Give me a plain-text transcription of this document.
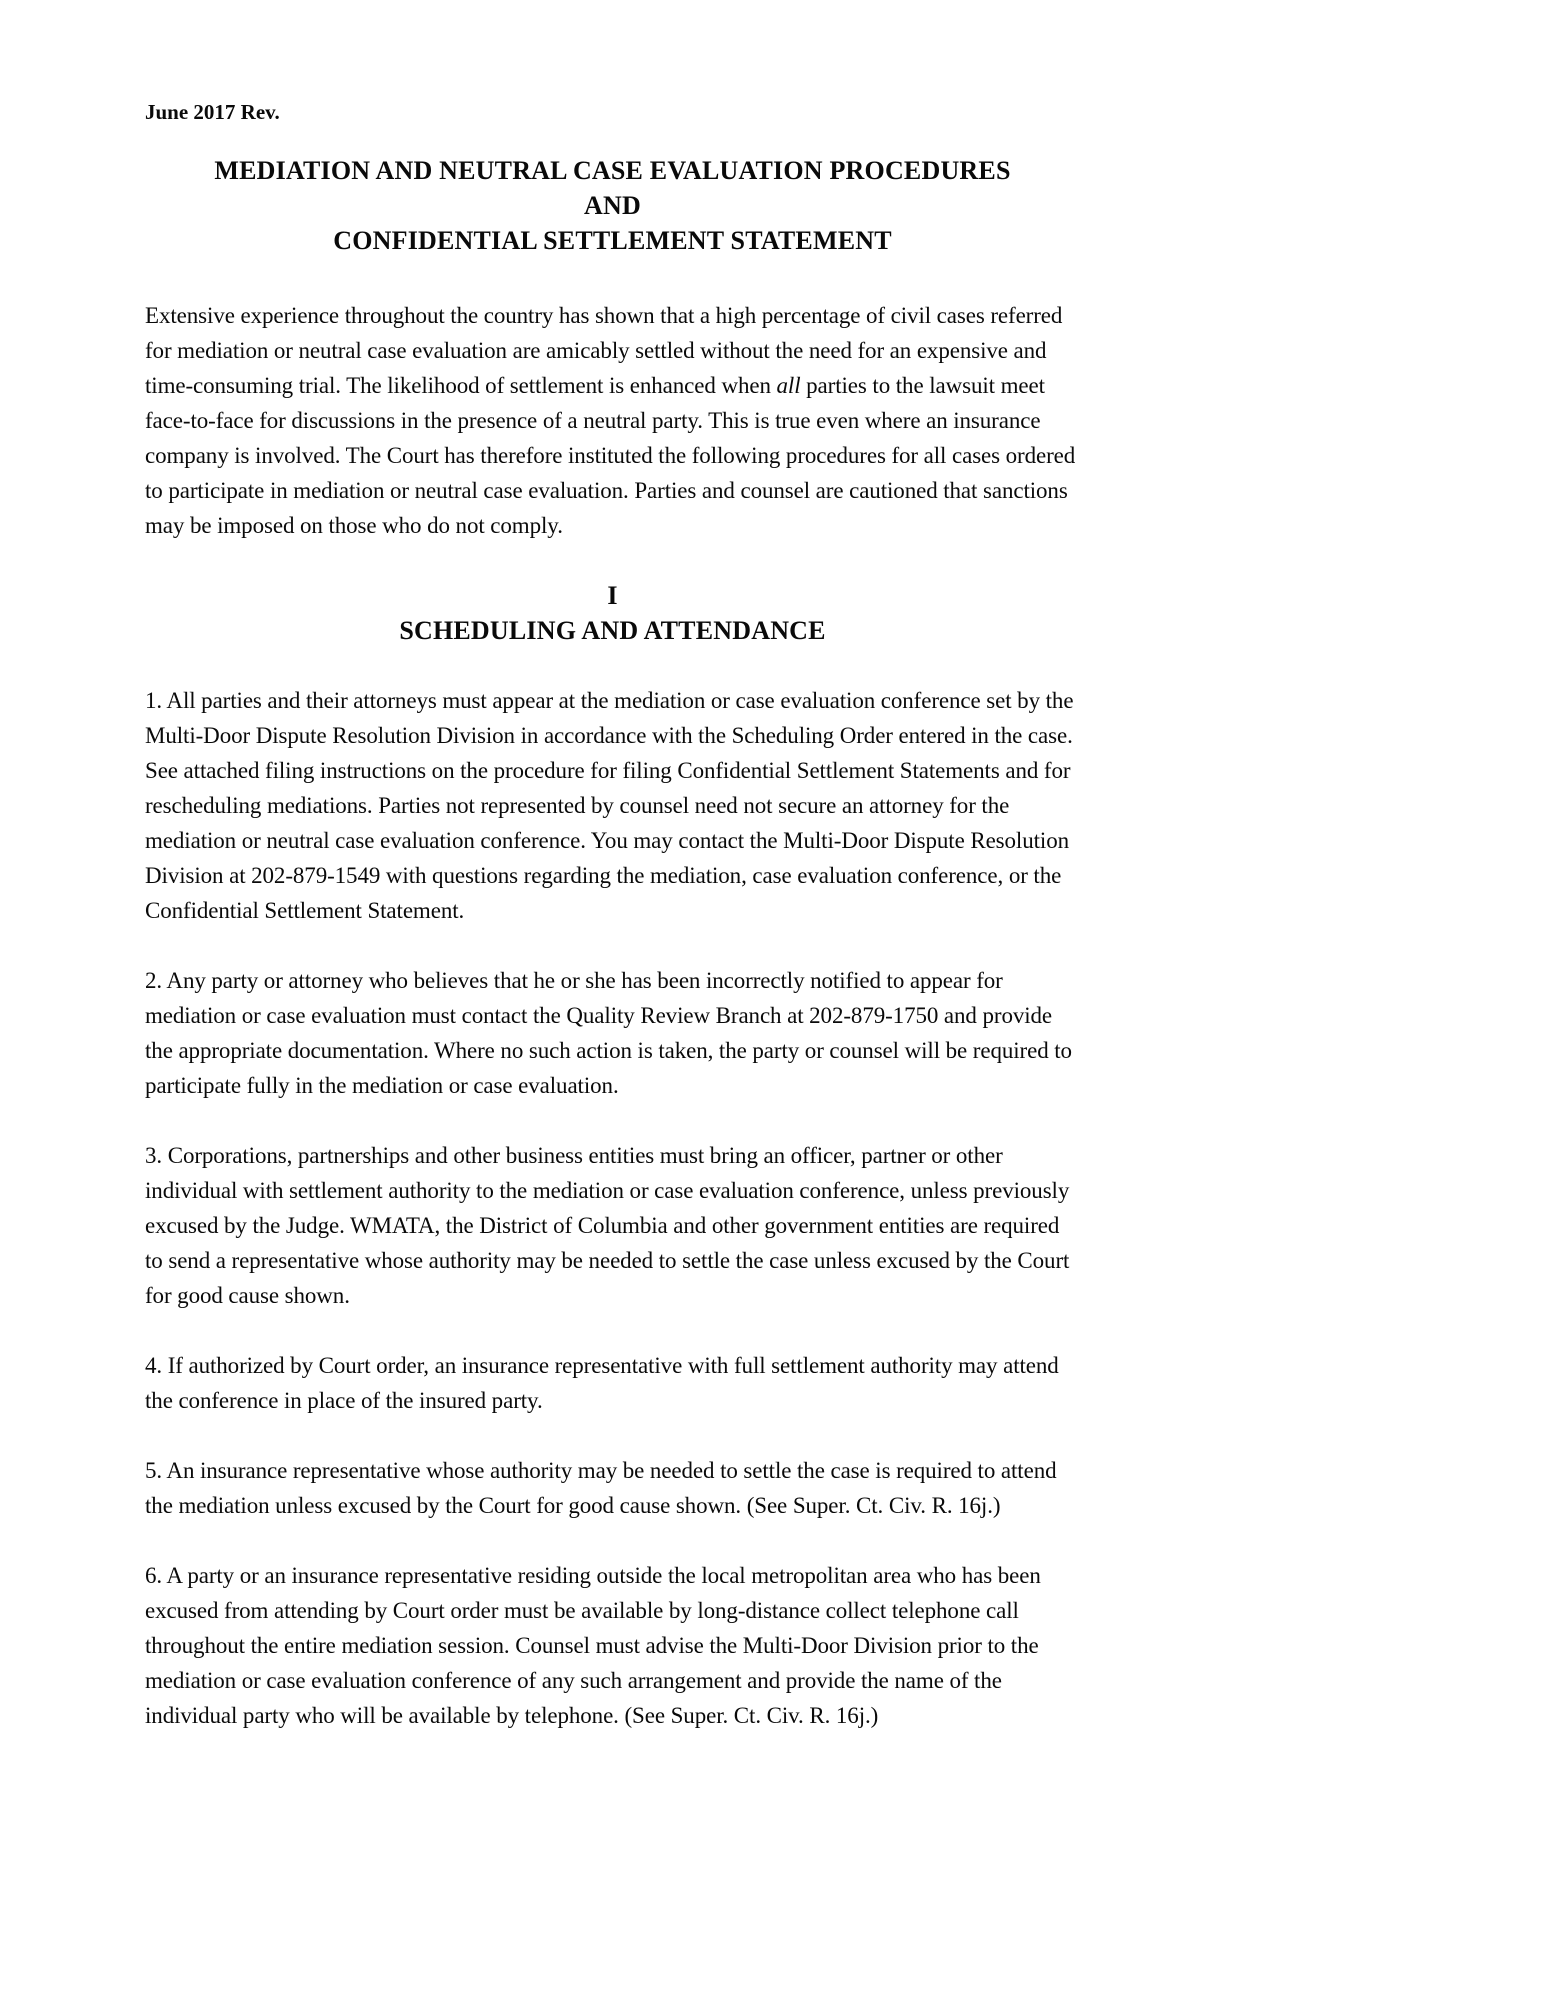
June 2017 Rev.
MEDIATION AND NEUTRAL CASE EVALUATION PROCEDURES
AND
CONFIDENTIAL SETTLEMENT STATEMENT

Extensive experience throughout the country has shown that a high percentage of civil cases referred for mediation or neutral case evaluation are amicably settled without the need for an expensive and time-consuming trial. The likelihood of settlement is enhanced when all parties to the lawsuit meet face-to-face for discussions in the presence of a neutral party. This is true even where an insurance company is involved. The Court has therefore instituted the following procedures for all cases ordered to participate in mediation or neutral case evaluation. Parties and counsel are cautioned that sanctions may be imposed on those who do not comply.

I
SCHEDULING AND ATTENDANCE

1. All parties and their attorneys must appear at the mediation or case evaluation conference set by the Multi-Door Dispute Resolution Division in accordance with the Scheduling Order entered in the case. See attached filing instructions on the procedure for filing Confidential Settlement Statements and for rescheduling mediations. Parties not represented by counsel need not secure an attorney for the mediation or neutral case evaluation conference. You may contact the Multi-Door Dispute Resolution Division at 202-879-1549 with questions regarding the mediation, case evaluation conference, or the Confidential Settlement Statement.

2. Any party or attorney who believes that he or she has been incorrectly notified to appear for mediation or case evaluation must contact the Quality Review Branch at 202-879-1750 and provide the appropriate documentation. Where no such action is taken, the party or counsel will be required to participate fully in the mediation or case evaluation.

3. Corporations, partnerships and other business entities must bring an officer, partner or other individual with settlement authority to the mediation or case evaluation conference, unless previously excused by the Judge. WMATA, the District of Columbia and other government entities are required to send a representative whose authority may be needed to settle the case unless excused by the Court for good cause shown.

4. If authorized by Court order, an insurance representative with full settlement authority may attend the conference in place of the insured party.

5. An insurance representative whose authority may be needed to settle the case is required to attend the mediation unless excused by the Court for good cause shown. (See Super. Ct. Civ. R. 16j.)

6. A party or an insurance representative residing outside the local metropolitan area who has been excused from attending by Court order must be available by long-distance collect telephone call throughout the entire mediation session. Counsel must advise the Multi-Door Division prior to the mediation or case evaluation conference of any such arrangement and provide the name of the individual party who will be available by telephone. (See Super. Ct. Civ. R. 16j.)
